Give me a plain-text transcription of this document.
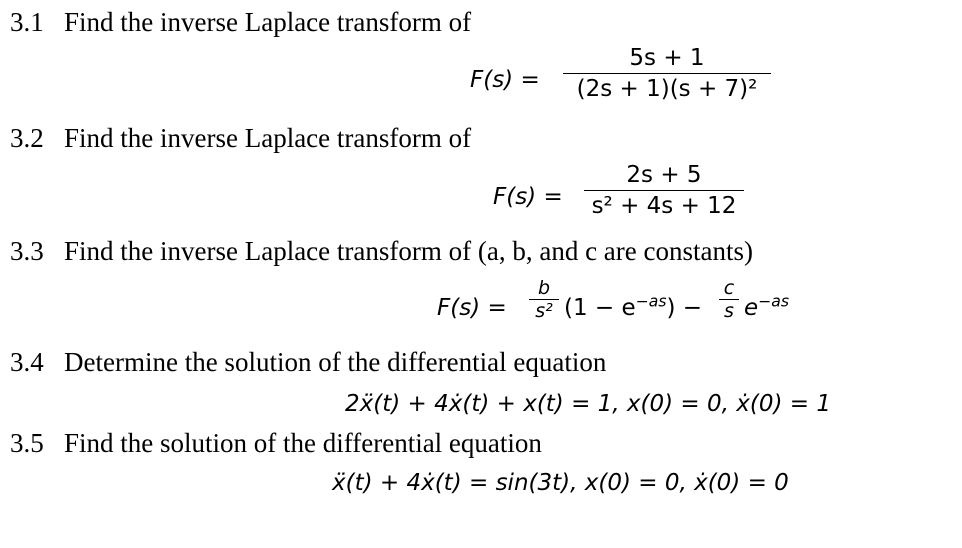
3.1 Find the inverse Laplace transform of
F(s) =
5s + 1
(2s + 1)(s + 7)²
3.2 Find the inverse Laplace transform of
F(s) =
2s + 5
s² + 4s + 12
3.3 Find the inverse Laplace transform of (a, b, and c are constants)
F(s) =
b
s² $(1 - e^{-as})$ −
c
s $e^{-as}$
3.4 Determine the solution of the differential equation
2ẍ(t) + 4ẋ(t) + x(t) = 1, x(0) = 0, ẋ(0) = 1
3.5 Find the solution of the differential equation
ẍ(t) + 4ẋ(t) = sin(3t), x(0) = 0, ẋ(0) = 0
